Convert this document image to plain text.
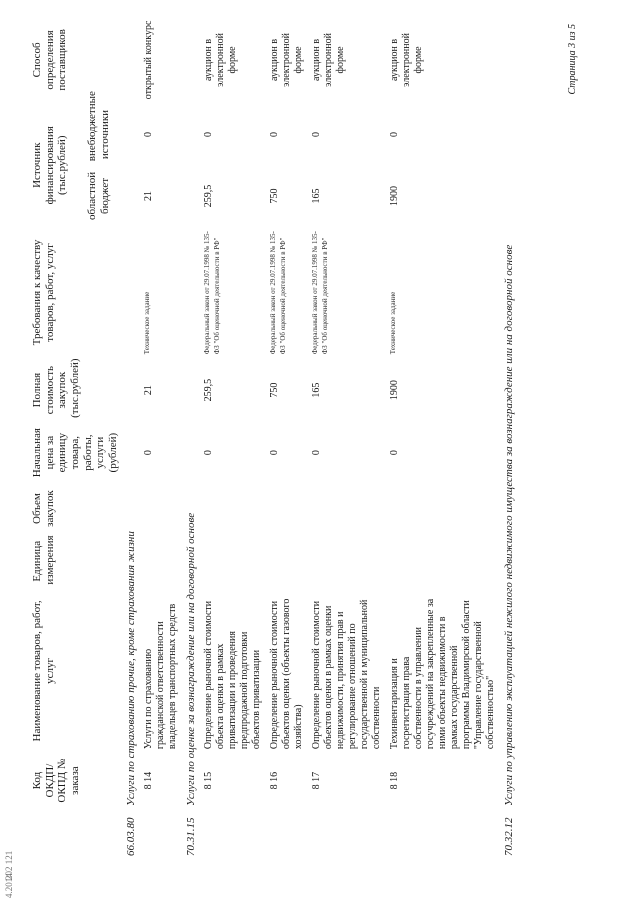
4.2014
202 121
Код ОКДП/ ОКПД № заказа	Наименование товаров, работ, услуг	Единица измерения	Объем закупок	Начальная цена за единицу товара, работы, услуги (рублей)	Полная стоимость закупок (тыс.рублей)	Требования к качеству товаров, работ, услуг	Источник финансирования (тыс.рублей)		Способ определения поставщиков
							областной бюджет	внебюджетные источники	
66.03.80Услуги по страхованию прочие, кроме страхования жизни									
8 14	Услуги по страхованию гражданской ответственности владельцев транспортных средств			0	21	Техническое задание	21	0	открытый конкурс
70.31.15Услуги по оценке за вознаграждение или на договорной основе									
8 15	Определение рыночной стоимости объекта оценки в рамках приватизации и проведения предпродажной подготовки объектов приватизации			0	259,5	Федеральный закон от 29.07.1998 № 135-ФЗ "Об оценочной деятельности в РФ"	259,5	0	аукцион в электронной форме
8 16	Определение рыночной стоимости объектов оценки (объекты газового хозяйства)			0	750	Федеральный закон от 29.07.1998 № 135-ФЗ "Об оценочной деятельности в РФ"	750	0	аукцион в электронной форме
8 17	Определение рыночной стоимости объектов оценки в рамках оценки недвижимости, принятия прав и регулирование отношений по государственной и муниципальной собственности			0	165	Федеральный закон от 29.07.1998 № 135-ФЗ "Об оценочной деятельности в РФ"	165	0	аукцион в электронной форме
8 18	Техинвентаризация и госрегистрация права собственности в управлении госучреждений на закрепленные за ними объекты недвижимости в рамках государственной программы Владимирской области "Управление государственной собственностью"			0	1900	Техническое задание	1900	0	аукцион в электронной форме
70.32.12Услуги по управлению эксплуатацией нежилого недвижимого имущества за вознаграждение или на договорной основе									
Страница 3 из 5
